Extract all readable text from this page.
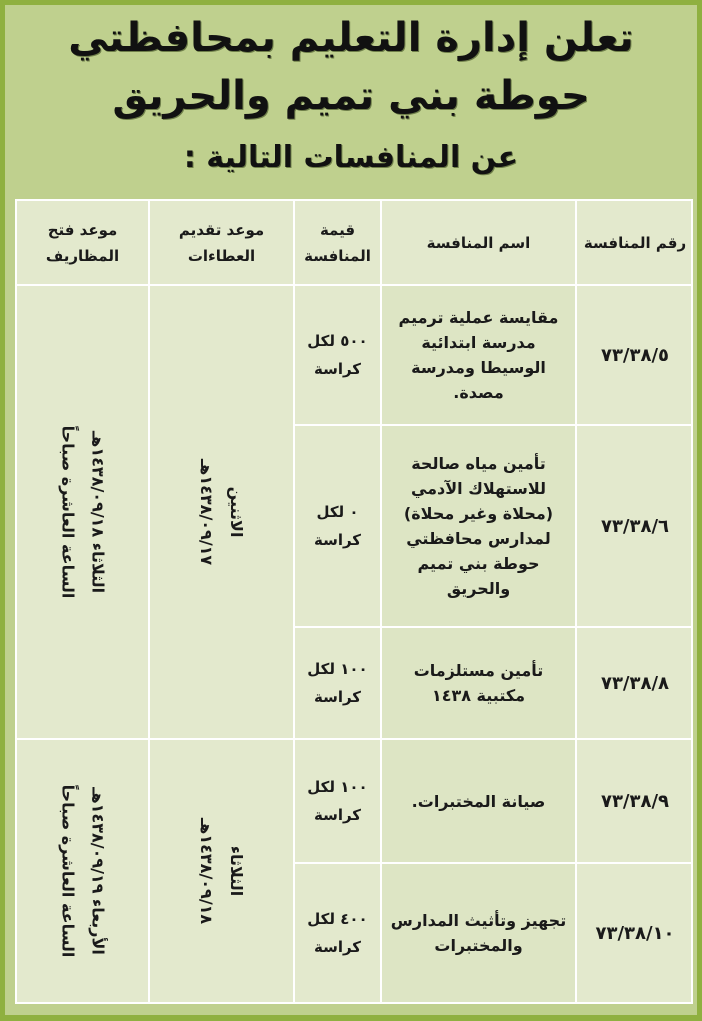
تعلن إدارة التعليم بمحافظتي
حوطة بني تميم والحريق
عن المنافسات التالية :
رقم المنافسة
اسم المنافسة
قيمة
المنافسة
موعد تقديم
العطاءات
موعد فتح
المظاريف
٧٣/٣٨/٥
مقايسة عملية ترميم
مدرسة ابتدائية
الوسيطا ومدرسة
مصدة.
٥٠٠ لكل
كراسة
٧٣/٣٨/٦
تأمين مياه صالحة
للاستهلاك الآدمي
(محلاة وغير محلاة)
لمدارس محافظتي
حوطة بني تميم
والحريق
٠ لكل
كراسة
٧٣/٣٨/٨
تأمين مستلزمات
مكتبية ١٤٣٨
١٠٠ لكل
كراسة
الاثنين
١٤٣٨/٠٩/١٧هـ
الثلاثاء ١٤٣٨/٠٩/١٨هـ
الساعة العاشرة صباحاً
٧٣/٣٨/٩
صيانة المختبرات.
١٠٠ لكل
كراسة
٧٣/٣٨/١٠
تجهيز وتأثيث المدارس
والمختبرات
٤٠٠ لكل
كراسة
الثلاثاء
١٤٣٨/٠٩/١٨هـ
الأربعاء ١٤٣٨/٠٩/١٩هـ
الساعة العاشرة صباحاً
